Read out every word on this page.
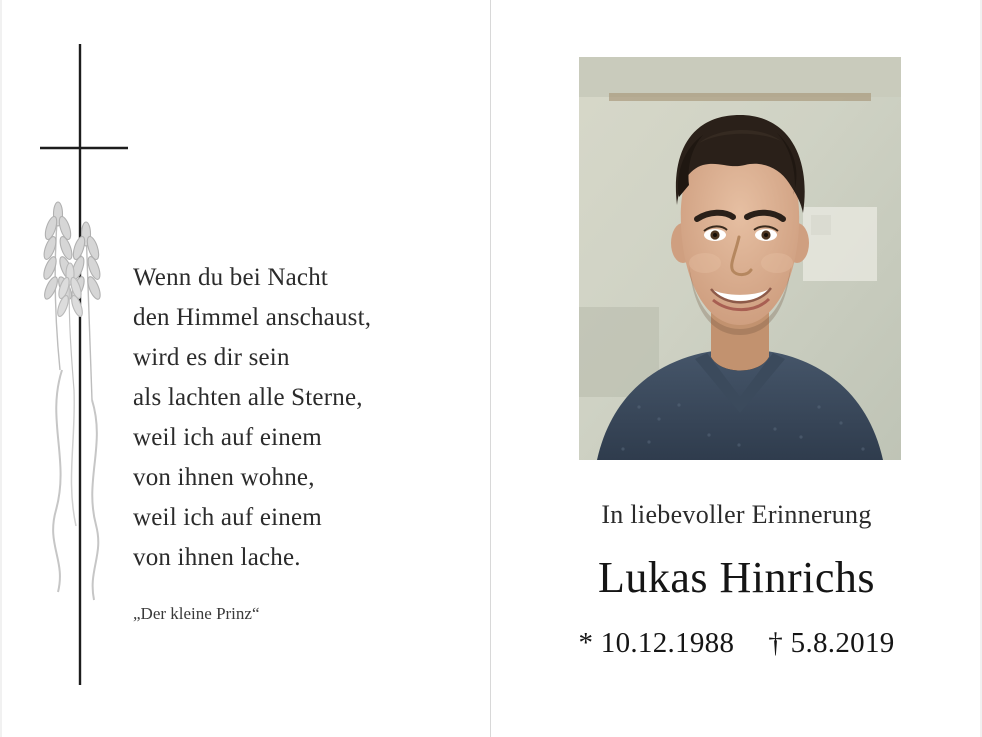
Wenn du bei Nacht
den Himmel anschaust,
wird es dir sein
als lachten alle Sterne,
weil ich auf einem
von ihnen wohne,
weil ich auf einem
von ihnen lache.
„Der kleine Prinz“
In liebevoller Erinnerung
Lukas Hinrichs
* 10.12.1988 † 5.8.2019
